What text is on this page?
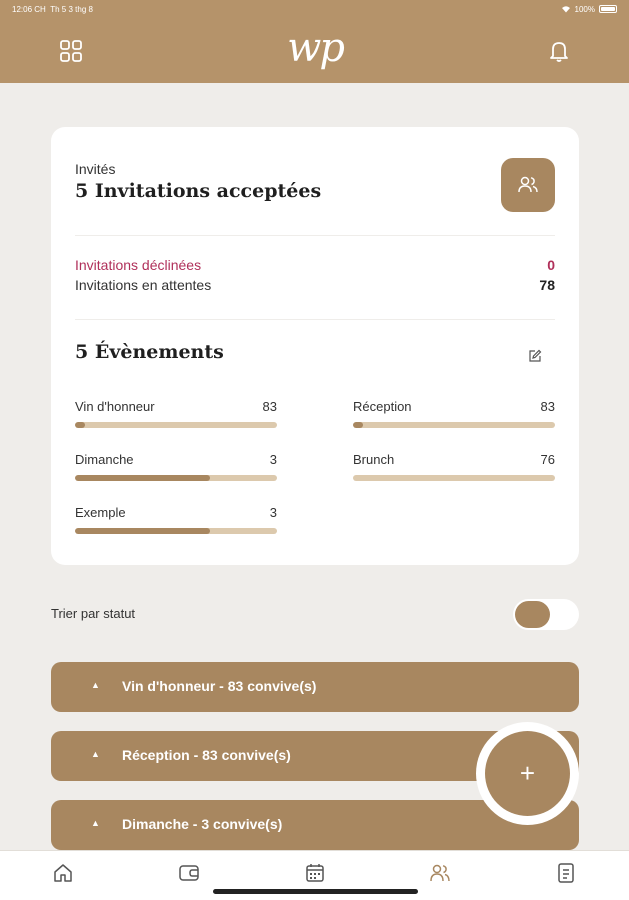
12:06 CH Th 5 3 thg 8	100%
wp
Invités
5 Invitations acceptées
Invitations déclinées	0
Invitations en attentes	78
5 Évènements
Vin d'honneur	83	Réception	83
Dimanche	3	Brunch	76
Exemple	3
Trier par statut
▲ Vin d'honneur - 83 convive(s)
▲ Réception - 83 convive(s)
▲ Dimanche - 3 convive(s)
+
